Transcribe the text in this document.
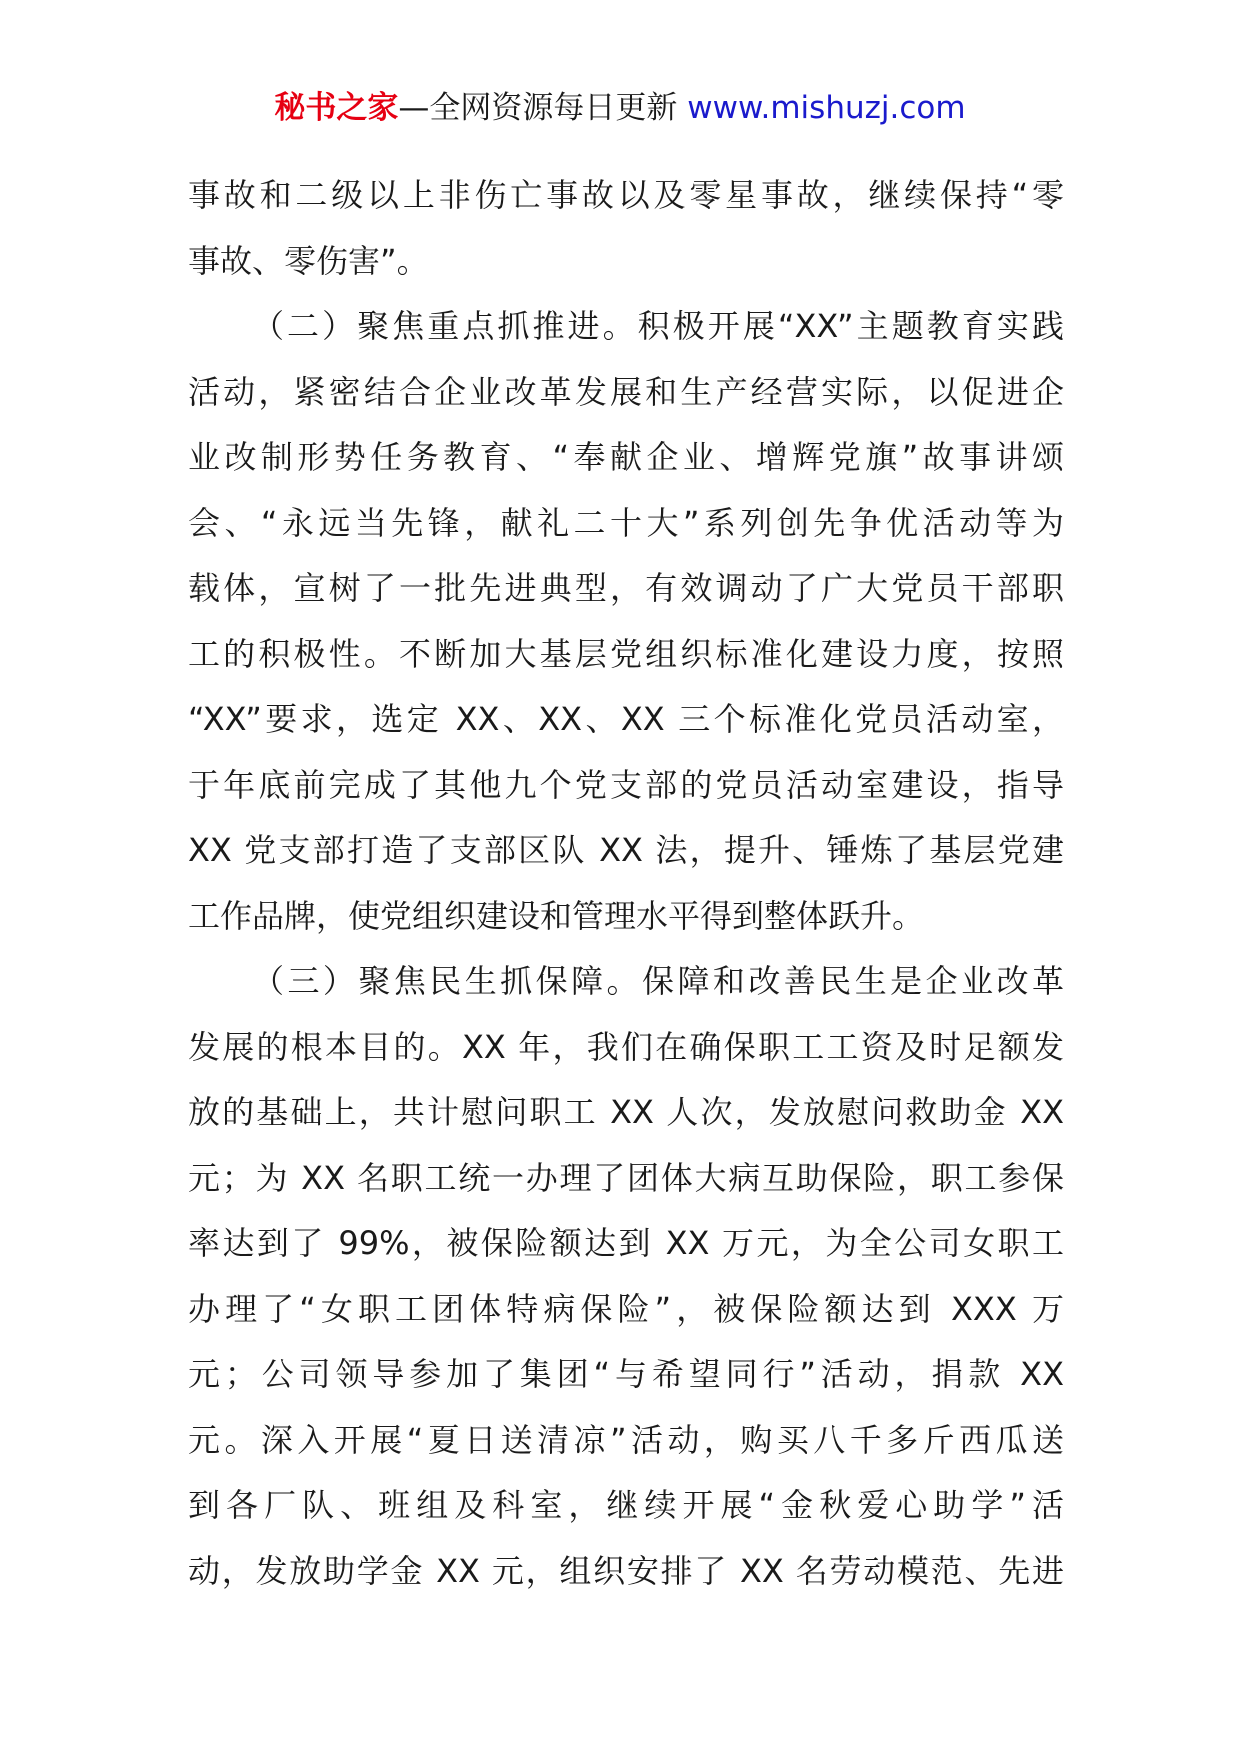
秘书之家—全网资源每日更新 www.mishuzj.com
事故和二级以上非伤亡事故以及零星事故，继续保持“零
事故、零伤害”。
（二）聚焦重点抓推进。积极开展“XX”主题教育实践
活动，紧密结合企业改革发展和生产经营实际，以促进企
业改制形势任务教育、“奉献企业、增辉党旗”故事讲颂
会、“永远当先锋，献礼二十大”系列创先争优活动等为
载体，宣树了一批先进典型，有效调动了广大党员干部职
工的积极性。不断加大基层党组织标准化建设力度，按照
“XX”要求，选定 XX、XX、XX 三个标准化党员活动室，
于年底前完成了其他九个党支部的党员活动室建设，指导
XX 党支部打造了支部区队 XX 法，提升、锤炼了基层党建
工作品牌，使党组织建设和管理水平得到整体跃升。
（三）聚焦民生抓保障。保障和改善民生是企业改革
发展的根本目的。XX 年，我们在确保职工工资及时足额发
放的基础上，共计慰问职工 XX 人次，发放慰问救助金 XX
元；为 XX 名职工统一办理了团体大病互助保险，职工参保
率达到了 99%，被保险额达到 XX 万元，为全公司女职工
办理了“女职工团体特病保险”，被保险额达到 XXX 万
元；公司领导参加了集团“与希望同行”活动，捐款 XX
元。深入开展“夏日送清凉”活动，购买八千多斤西瓜送
到各厂队、班组及科室，继续开展“金秋爱心助学”活
动，发放助学金 XX 元，组织安排了 XX 名劳动模范、先进
